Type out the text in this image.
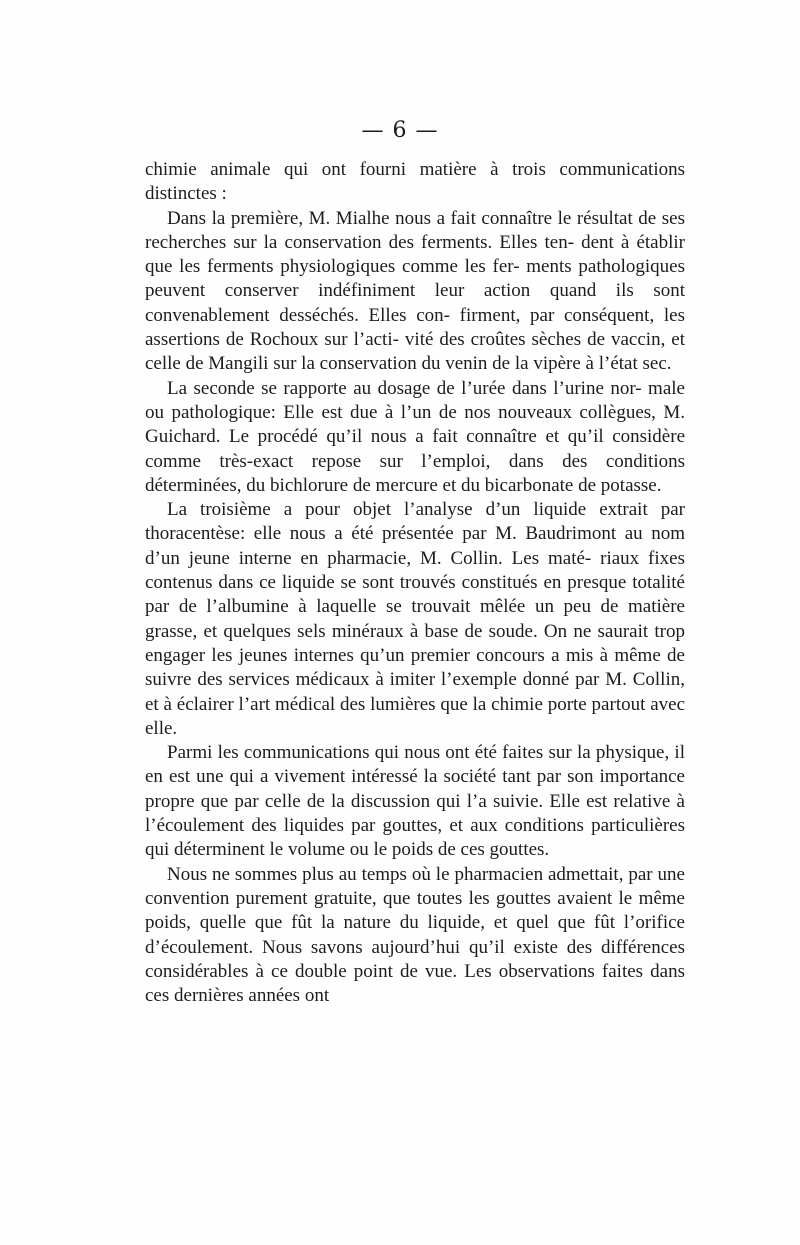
— 6 —

chimie animale qui ont fourni matière à trois communications distinctes :

Dans la première, M. Mialhe nous a fait connaître le résultat de ses recherches sur la conservation des ferments. Elles ten- dent à établir que les ferments physiologiques comme les fer- ments pathologiques peuvent conserver indéfiniment leur action quand ils sont convenablement desséchés. Elles con- firment, par conséquent, les assertions de Rochoux sur l’acti- vité des croûtes sèches de vaccin, et celle de Mangili sur la conservation du venin de la vipère à l’état sec.

La seconde se rapporte au dosage de l’urée dans l’urine nor- male ou pathologique: Elle est due à l’un de nos nouveaux collègues, M. Guichard. Le procédé qu’il nous a fait connaître et qu’il considère comme très-exact repose sur l’emploi, dans des conditions déterminées, du bichlorure de mercure et du bicarbonate de potasse.

La troisième a pour objet l’analyse d’un liquide extrait par thoracentèse: elle nous a été présentée par M. Baudrimont au nom d’un jeune interne en pharmacie, M. Collin. Les maté- riaux fixes contenus dans ce liquide se sont trouvés constitués en presque totalité par de l’albumine à laquelle se trouvait mêlée un peu de matière grasse, et quelques sels minéraux à base de soude. On ne saurait trop engager les jeunes internes qu’un premier concours a mis à même de suivre des services médicaux à imiter l’exemple donné par M. Collin, et à éclairer l’art médical des lumières que la chimie porte partout avec elle.

Parmi les communications qui nous ont été faites sur la physique, il en est une qui a vivement intéressé la société tant par son importance propre que par celle de la discussion qui l’a suivie. Elle est relative à l’écoulement des liquides par gouttes, et aux conditions particulières qui déterminent le volume ou le poids de ces gouttes.

Nous ne sommes plus au temps où le pharmacien admettait, par une convention purement gratuite, que toutes les gouttes avaient le même poids, quelle que fût la nature du liquide, et quel que fût l’orifice d’écoulement. Nous savons aujourd’hui qu’il existe des différences considérables à ce double point de vue. Les observations faites dans ces dernières années ont
